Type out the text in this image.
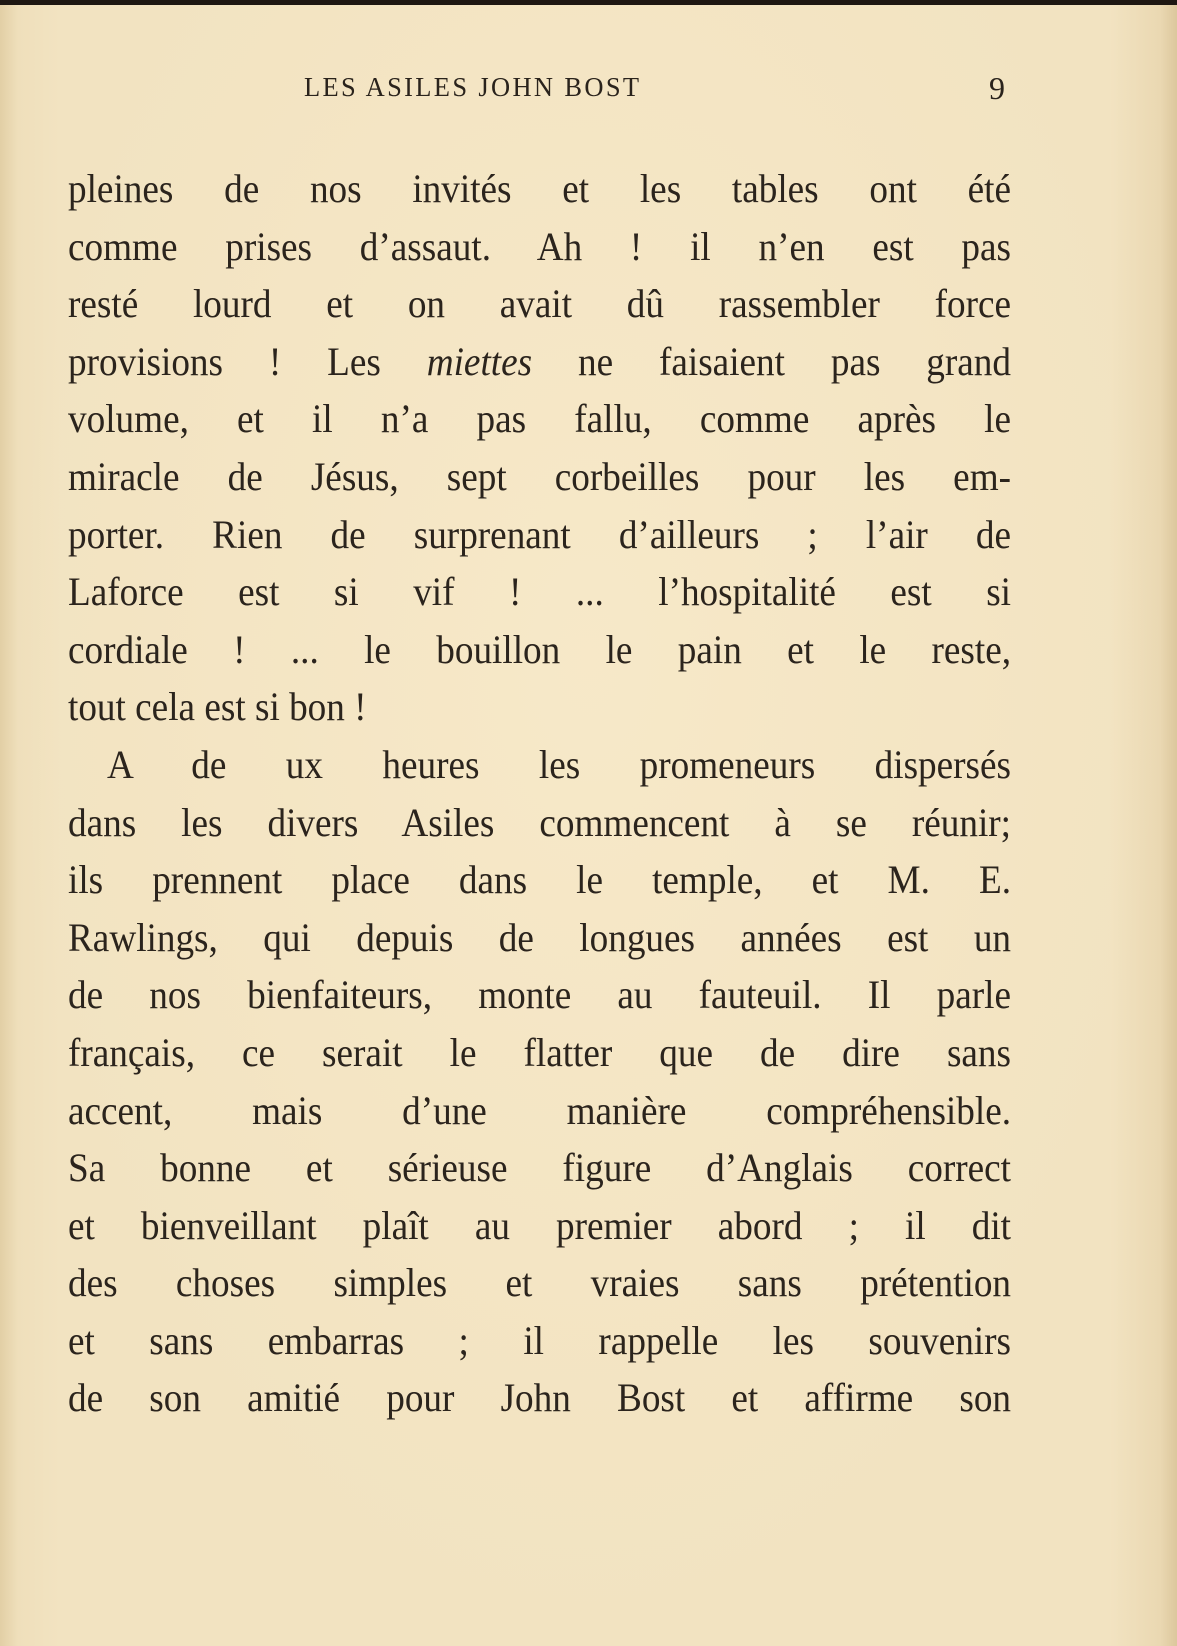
LES ASILES JOHN BOST	9
pleines de nos invités et les tables ont été
comme prises d’assaut. Ah ! il n’en est pas
resté lourd et on avait dû rassembler force
provisions ! Les miettes ne faisaient pas grand
volume, et il n’a pas fallu, comme après le
miracle de Jésus, sept corbeilles pour les em-
porter. Rien de surprenant d’ailleurs ; l’air de
Laforce est si vif ! ... l’hospitalité est si
cordiale ! ... le bouillon le pain et le reste,
tout cela est si bon !
A de ux heures les promeneurs dispersés
dans les divers Asiles commencent à se réunir;
ils prennent place dans le temple, et M. E.
Rawlings, qui depuis de longues années est un
de nos bienfaiteurs, monte au fauteuil. Il parle
français, ce serait le flatter que de dire sans
accent, mais d’une manière compréhensible.
Sa bonne et sérieuse figure d’Anglais correct
et bienveillant plaît au premier abord ; il dit
des choses simples et vraies sans prétention
et sans embarras ; il rappelle les souvenirs
de son amitié pour John Bost et affirme son
